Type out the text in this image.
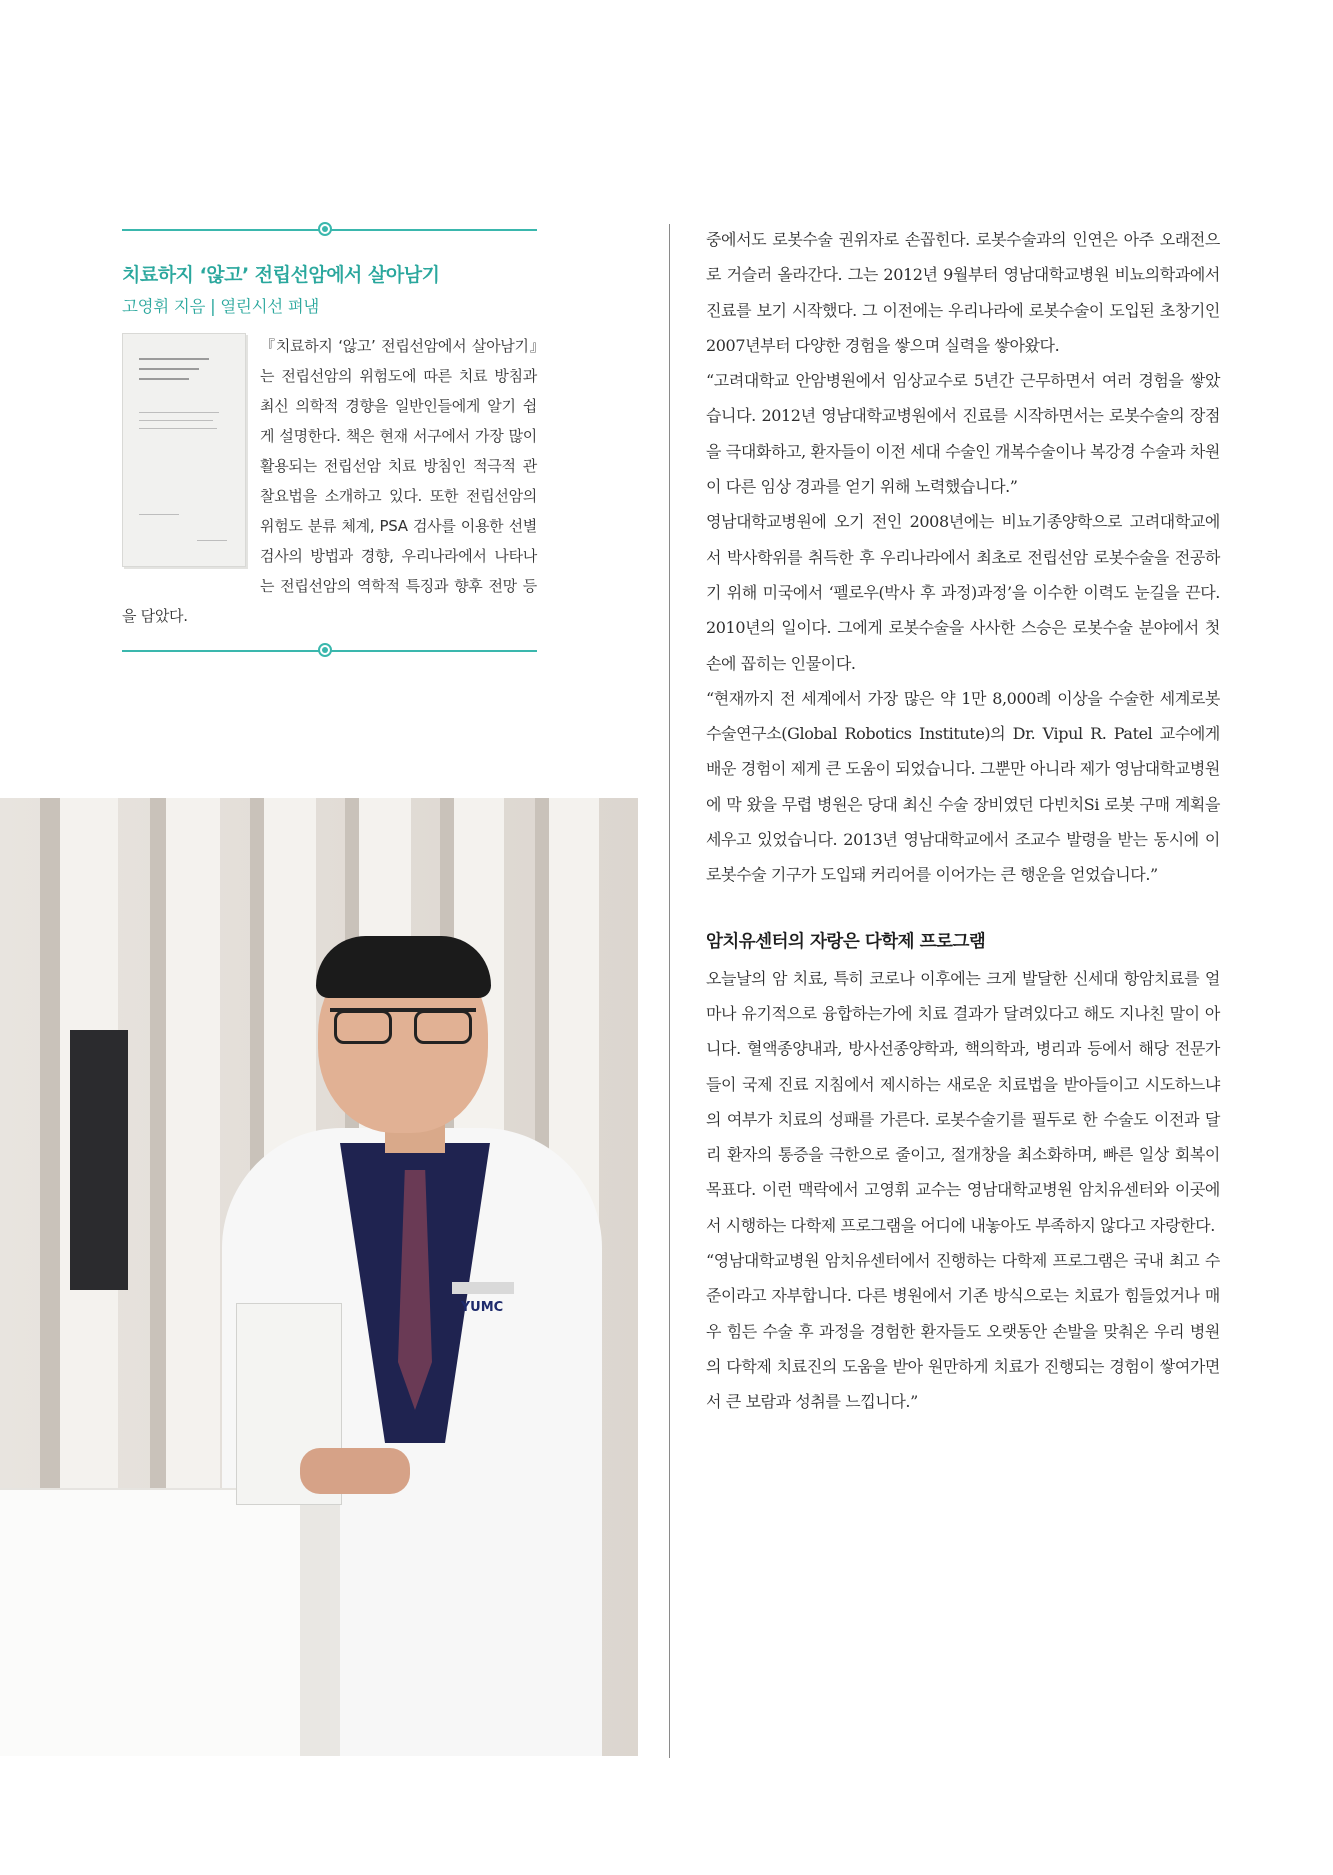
치료하지 ‘않고’ 전립선암에서 살아남기
고영휘 지음 | 열린시선 펴냄

『치료하지 ‘않고’ 전립선암에서 살아남기』는 전립선암의 위험도에 따른 치료 방침과 최신 의학적 경향을 일반인들에게 알기 쉽게 설명한다. 책은 현재 서구에서 가장 많이 활용되는 전립선암 치료 방침인 적극적 관찰요법을 소개하고 있다. 또한 전립선암의 위험도 분류 체계, PSA 검사를 이용한 선별검사의 방법과 경향, 우리나라에서 나타나는 전립선암의 역학적 특징과 향후 전망 등을 담았다.

YUMC

중에서도 로봇수술 권위자로 손꼽힌다. 로봇수술과의 인연은 아주 오래전으로 거슬러 올라간다. 그는 2012년 9월부터 영남대학교병원 비뇨의학과에서 진료를 보기 시작했다. 그 이전에는 우리나라에 로봇수술이 도입된 초창기인 2007년부터 다양한 경험을 쌓으며 실력을 쌓아왔다.

“고려대학교 안암병원에서 임상교수로 5년간 근무하면서 여러 경험을 쌓았습니다. 2012년 영남대학교병원에서 진료를 시작하면서는 로봇수술의 장점을 극대화하고, 환자들이 이전 세대 수술인 개복수술이나 복강경 수술과 차원이 다른 임상 경과를 얻기 위해 노력했습니다.”

영남대학교병원에 오기 전인 2008년에는 비뇨기종양학으로 고려대학교에서 박사학위를 취득한 후 우리나라에서 최초로 전립선암 로봇수술을 전공하기 위해 미국에서 ‘펠로우(박사 후 과정)과정’을 이수한 이력도 눈길을 끈다. 2010년의 일이다. 그에게 로봇수술을 사사한 스승은 로봇수술 분야에서 첫손에 꼽히는 인물이다.

“현재까지 전 세계에서 가장 많은 약 1만 8,000례 이상을 수술한 세계로봇수술연구소(Global Robotics Institute)의 Dr. Vipul R. Patel 교수에게 배운 경험이 제게 큰 도움이 되었습니다. 그뿐만 아니라 제가 영남대학교병원에 막 왔을 무렵 병원은 당대 최신 수술 장비였던 다빈치Si 로봇 구매 계획을 세우고 있었습니다. 2013년 영남대학교에서 조교수 발령을 받는 동시에 이 로봇수술 기구가 도입돼 커리어를 이어가는 큰 행운을 얻었습니다.”

암치유센터의 자랑은 다학제 프로그램

오늘날의 암 치료, 특히 코로나 이후에는 크게 발달한 신세대 항암치료를 얼마나 유기적으로 융합하는가에 치료 결과가 달려있다고 해도 지나친 말이 아니다. 혈액종양내과, 방사선종양학과, 핵의학과, 병리과 등에서 해당 전문가들이 국제 진료 지침에서 제시하는 새로운 치료법을 받아들이고 시도하느냐의 여부가 치료의 성패를 가른다. 로봇수술기를 필두로 한 수술도 이전과 달리 환자의 통증을 극한으로 줄이고, 절개창을 최소화하며, 빠른 일상 회복이 목표다. 이런 맥락에서 고영휘 교수는 영남대학교병원 암치유센터와 이곳에서 시행하는 다학제 프로그램을 어디에 내놓아도 부족하지 않다고 자랑한다.

“영남대학교병원 암치유센터에서 진행하는 다학제 프로그램은 국내 최고 수준이라고 자부합니다. 다른 병원에서 기존 방식으로는 치료가 힘들었거나 매우 힘든 수술 후 과정을 경험한 환자들도 오랫동안 손발을 맞춰온 우리 병원의 다학제 치료진의 도움을 받아 원만하게 치료가 진행되는 경험이 쌓여가면서 큰 보람과 성취를 느낍니다.”
